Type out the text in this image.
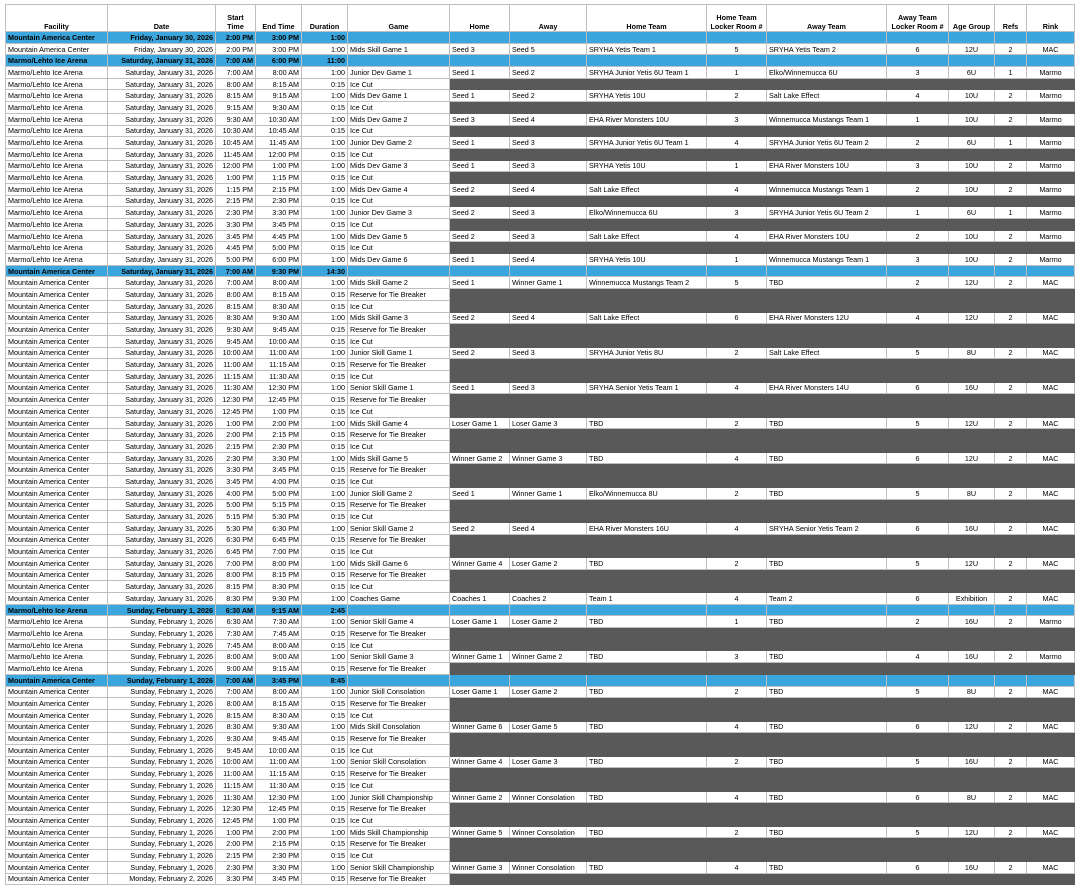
Facility	Date	Start Time	End Time	Duration	Game	Home	Away	Home Team	Home Team Locker Room #	Away Team	Away Team Locker Room #	Age Group	Refs	Rink
Mountain America Center	Friday, January 30, 2026	2:00 PM	3:00 PM	1:00										
Mountain America Center	Friday, January 30, 2026	2:00 PM	3:00 PM	1:00	Mids Skill Game 1	Seed 3	Seed 5	SRYHA Yetis Team 1	5	SRYHA Yetis Team 2	6	12U	2	MAC
Marmo/Lehto Ice Arena	Saturday, January 31, 2026	7:00 AM	6:00 PM	11:00										
Marmo/Lehto Ice Arena	Saturday, January 31, 2026	7:00 AM	8:00 AM	1:00	Junior Dev Game 1	Seed 1	Seed 2	SRYHA Junior Yetis 6U Team 1	1	Elko/Winnemucca 6U	3	6U	1	Marmo
Marmo/Lehto Ice Arena	Saturday, January 31, 2026	8:00 AM	8:15 AM	0:15	Ice Cut									
Marmo/Lehto Ice Arena	Saturday, January 31, 2026	8:15 AM	9:15 AM	1:00	Mids Dev Game 1	Seed 1	Seed 2	SRYHA Yetis 10U	2	Salt Lake Effect	4	10U	2	Marmo
Marmo/Lehto Ice Arena	Saturday, January 31, 2026	9:15 AM	9:30 AM	0:15	Ice Cut									
Marmo/Lehto Ice Arena	Saturday, January 31, 2026	9:30 AM	10:30 AM	1:00	Mids Dev Game 2	Seed 3	Seed 4	EHA River Monsters 10U	3	Winnemucca Mustangs Team 1	1	10U	2	Marmo
Marmo/Lehto Ice Arena	Saturday, January 31, 2026	10:30 AM	10:45 AM	0:15	Ice Cut									
Marmo/Lehto Ice Arena	Saturday, January 31, 2026	10:45 AM	11:45 AM	1:00	Junior Dev Game 2	Seed 1	Seed 3	SRYHA Junior Yetis 6U Team 1	4	SRYHA Junior Yetis 6U Team 2	2	6U	1	Marmo
Marmo/Lehto Ice Arena	Saturday, January 31, 2026	11:45 AM	12:00 PM	0:15	Ice Cut									
Marmo/Lehto Ice Arena	Saturday, January 31, 2026	12:00 PM	1:00 PM	1:00	Mids Dev Game 3	Seed 1	Seed 3	SRYHA Yetis 10U	1	EHA River Monsters 10U	3	10U	2	Marmo
Marmo/Lehto Ice Arena	Saturday, January 31, 2026	1:00 PM	1:15 PM	0:15	Ice Cut									
Marmo/Lehto Ice Arena	Saturday, January 31, 2026	1:15 PM	2:15 PM	1:00	Mids Dev Game 4	Seed 2	Seed 4	Salt Lake Effect	4	Winnemucca Mustangs Team 1	2	10U	2	Marmo
Marmo/Lehto Ice Arena	Saturday, January 31, 2026	2:15 PM	2:30 PM	0:15	Ice Cut									
Marmo/Lehto Ice Arena	Saturday, January 31, 2026	2:30 PM	3:30 PM	1:00	Junior Dev Game 3	Seed 2	Seed 3	Elko/Winnemucca 6U	3	SRYHA Junior Yetis 6U Team 2	1	6U	1	Marmo
Marmo/Lehto Ice Arena	Saturday, January 31, 2026	3:30 PM	3:45 PM	0:15	Ice Cut									
Marmo/Lehto Ice Arena	Saturday, January 31, 2026	3:45 PM	4:45 PM	1:00	Mids Dev Game 5	Seed 2	Seed 3	Salt Lake Effect	4	EHA River Monsters 10U	2	10U	2	Marmo
Marmo/Lehto Ice Arena	Saturday, January 31, 2026	4:45 PM	5:00 PM	0:15	Ice Cut									
Marmo/Lehto Ice Arena	Saturday, January 31, 2026	5:00 PM	6:00 PM	1:00	Mids Dev Game 6	Seed 1	Seed 4	SRYHA Yetis 10U	1	Winnemucca Mustangs Team 1	3	10U	2	Marmo
Mountain America Center	Saturday, January 31, 2026	7:00 AM	9:30 PM	14:30										
Mountain America Center	Saturday, January 31, 2026	7:00 AM	8:00 AM	1:00	Mids Skill Game 2	Seed 1	Winner Game 1	Winnemucca Mustangs Team 2	5	TBD	2	12U	2	MAC
Mountain America Center	Saturday, January 31, 2026	8:00 AM	8:15 AM	0:15	Reserve for Tie Breaker									
Mountain America Center	Saturday, January 31, 2026	8:15 AM	8:30 AM	0:15	Ice Cut									
Mountain America Center	Saturday, January 31, 2026	8:30 AM	9:30 AM	1:00	Mids Skill Game 3	Seed 2	Seed 4	Salt Lake Effect	6	EHA River Monsters 12U	4	12U	2	MAC
Mountain America Center	Saturday, January 31, 2026	9:30 AM	9:45 AM	0:15	Reserve for Tie Breaker									
Mountain America Center	Saturday, January 31, 2026	9:45 AM	10:00 AM	0:15	Ice Cut									
Mountain America Center	Saturday, January 31, 2026	10:00 AM	11:00 AM	1:00	Junior Skill Game 1	Seed 2	Seed 3	SRYHA Junior Yetis 8U	2	Salt Lake Effect	5	8U	2	MAC
Mountain America Center	Saturday, January 31, 2026	11:00 AM	11:15 AM	0:15	Reserve for Tie Breaker									
Mountain America Center	Saturday, January 31, 2026	11:15 AM	11:30 AM	0:15	Ice Cut									
Mountain America Center	Saturday, January 31, 2026	11:30 AM	12:30 PM	1:00	Senior Skill Game 1	Seed 1	Seed 3	SRYHA Senior Yetis Team 1	4	EHA River Monsters 14U	6	16U	2	MAC
Mountain America Center	Saturday, January 31, 2026	12:30 PM	12:45 PM	0:15	Reserve for Tie Breaker									
Mountain America Center	Saturday, January 31, 2026	12:45 PM	1:00 PM	0:15	Ice Cut									
Mountain America Center	Saturday, January 31, 2026	1:00 PM	2:00 PM	1:00	Mids Skill Game 4	Loser Game 1	Loser Game 3	TBD	2	TBD	5	12U	2	MAC
Mountain America Center	Saturday, January 31, 2026	2:00 PM	2:15 PM	0:15	Reserve for Tie Breaker									
Mountain America Center	Saturday, January 31, 2026	2:15 PM	2:30 PM	0:15	Ice Cut									
Mountain America Center	Saturday, January 31, 2026	2:30 PM	3:30 PM	1:00	Mids Skill Game 5	Winner Game 2	Winner Game 3	TBD	4	TBD	6	12U	2	MAC
Mountain America Center	Saturday, January 31, 2026	3:30 PM	3:45 PM	0:15	Reserve for Tie Breaker									
Mountain America Center	Saturday, January 31, 2026	3:45 PM	4:00 PM	0:15	Ice Cut									
Mountain America Center	Saturday, January 31, 2026	4:00 PM	5:00 PM	1:00	Junior Skill Game 2	Seed 1	Winner Game 1	Elko/Winnemucca 8U	2	TBD	5	8U	2	MAC
Mountain America Center	Saturday, January 31, 2026	5:00 PM	5:15 PM	0:15	Reserve for Tie Breaker									
Mountain America Center	Saturday, January 31, 2026	5:15 PM	5:30 PM	0:15	Ice Cut									
Mountain America Center	Saturday, January 31, 2026	5:30 PM	6:30 PM	1:00	Senior Skill Game 2	Seed 2	Seed 4	EHA River Monsters 16U	4	SRYHA Senior Yetis Team 2	6	16U	2	MAC
Mountain America Center	Saturday, January 31, 2026	6:30 PM	6:45 PM	0:15	Reserve for Tie Breaker									
Mountain America Center	Saturday, January 31, 2026	6:45 PM	7:00 PM	0:15	Ice Cut									
Mountain America Center	Saturday, January 31, 2026	7:00 PM	8:00 PM	1:00	Mids Skill Game 6	Winner Game 4	Loser Game 2	TBD	2	TBD	5	12U	2	MAC
Mountain America Center	Saturday, January 31, 2026	8:00 PM	8:15 PM	0:15	Reserve for Tie Breaker									
Mountain America Center	Saturday, January 31, 2026	8:15 PM	8:30 PM	0:15	Ice Cut									
Mountain America Center	Saturday, January 31, 2026	8:30 PM	9:30 PM	1:00	Coaches Game	Coaches 1	Coaches 2	Team 1	4	Team 2	6	Exhibition	2	MAC
Marmo/Lehto Ice Arena	Sunday, February 1, 2026	6:30 AM	9:15 AM	2:45										
Marmo/Lehto Ice Arena	Sunday, February 1, 2026	6:30 AM	7:30 AM	1:00	Senior Skill Game 4	Loser Game 1	Loser Game 2	TBD	1	TBD	2	16U	2	Marmo
Marmo/Lehto Ice Arena	Sunday, February 1, 2026	7:30 AM	7:45 AM	0:15	Reserve for Tie Breaker									
Marmo/Lehto Ice Arena	Sunday, February 1, 2026	7:45 AM	8:00 AM	0:15	Ice Cut									
Marmo/Lehto Ice Arena	Sunday, February 1, 2026	8:00 AM	9:00 AM	1:00	Senior Skill Game 3	Winner Game 1	Winner Game 2	TBD	3	TBD	4	16U	2	Marmo
Marmo/Lehto Ice Arena	Sunday, February 1, 2026	9:00 AM	9:15 AM	0:15	Reserve for Tie Breaker									
Mountain America Center	Sunday, February 1, 2026	7:00 AM	3:45 PM	8:45										
Mountain America Center	Sunday, February 1, 2026	7:00 AM	8:00 AM	1:00	Junior Skill Consolation	Loser Game 1	Loser Game 2	TBD	2	TBD	5	8U	2	MAC
Mountain America Center	Sunday, February 1, 2026	8:00 AM	8:15 AM	0:15	Reserve for Tie Breaker									
Mountain America Center	Sunday, February 1, 2026	8:15 AM	8:30 AM	0:15	Ice Cut									
Mountain America Center	Sunday, February 1, 2026	8:30 AM	9:30 AM	1:00	Mids Skill Consolation	Winner Game 6	Loser Game 5	TBD	4	TBD	6	12U	2	MAC
Mountain America Center	Sunday, February 1, 2026	9:30 AM	9:45 AM	0:15	Reserve for Tie Breaker									
Mountain America Center	Sunday, February 1, 2026	9:45 AM	10:00 AM	0:15	Ice Cut									
Mountain America Center	Sunday, February 1, 2026	10:00 AM	11:00 AM	1:00	Senior Skill Consolation	Winner Game 4	Loser Game 3	TBD	2	TBD	5	16U	2	MAC
Mountain America Center	Sunday, February 1, 2026	11:00 AM	11:15 AM	0:15	Reserve for Tie Breaker									
Mountain America Center	Sunday, February 1, 2026	11:15 AM	11:30 AM	0:15	Ice Cut									
Mountain America Center	Sunday, February 1, 2026	11:30 AM	12:30 PM	1:00	Junior Skill Championship	Winner Game 2	Winner Consolation	TBD	4	TBD	6	8U	2	MAC
Mountain America Center	Sunday, February 1, 2026	12:30 PM	12:45 PM	0:15	Reserve for Tie Breaker									
Mountain America Center	Sunday, February 1, 2026	12:45 PM	1:00 PM	0:15	Ice Cut									
Mountain America Center	Sunday, February 1, 2026	1:00 PM	2:00 PM	1:00	Mids Skill Championship	Winner Game 5	Winner Consolation	TBD	2	TBD	5	12U	2	MAC
Mountain America Center	Sunday, February 1, 2026	2:00 PM	2:15 PM	0:15	Reserve for Tie Breaker									
Mountain America Center	Sunday, February 1, 2026	2:15 PM	2:30 PM	0:15	Ice Cut									
Mountain America Center	Sunday, February 1, 2026	2:30 PM	3:30 PM	1:00	Senior Skill Championship	Winner Game 3	Winner Consolation	TBD	4	TBD	6	16U	2	MAC
Mountain America Center	Monday, February 2, 2026	3:30 PM	3:45 PM	0:15	Reserve for Tie Breaker									
